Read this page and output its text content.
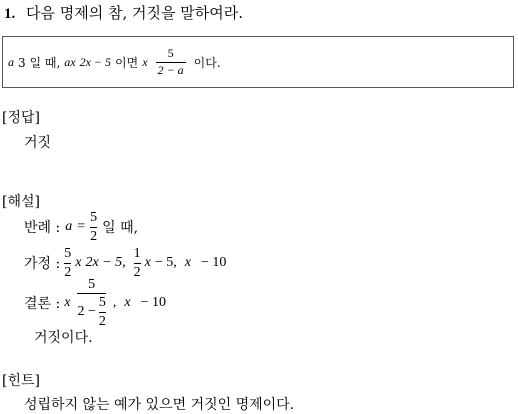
1. 다음 명제의 참, 거짓을 말하여라.
a 3 일 때, ax 2x − 5 이면 x $\frac{5}{2 - a}$ 이다.
[정답]
거짓
[해설]
반례 : $a = \frac{5}{2}$ 일 때,
가정 : $\frac{5}{2}$ x 2x − 5, $\frac{1}{2}$ x − 5, x − 10
결론 : x $\frac{5}{2 - \frac{5}{2}}$ , x − 10
거짓이다.
[힌트]
성립하지 않는 예가 있으면 거짓인 명제이다.
